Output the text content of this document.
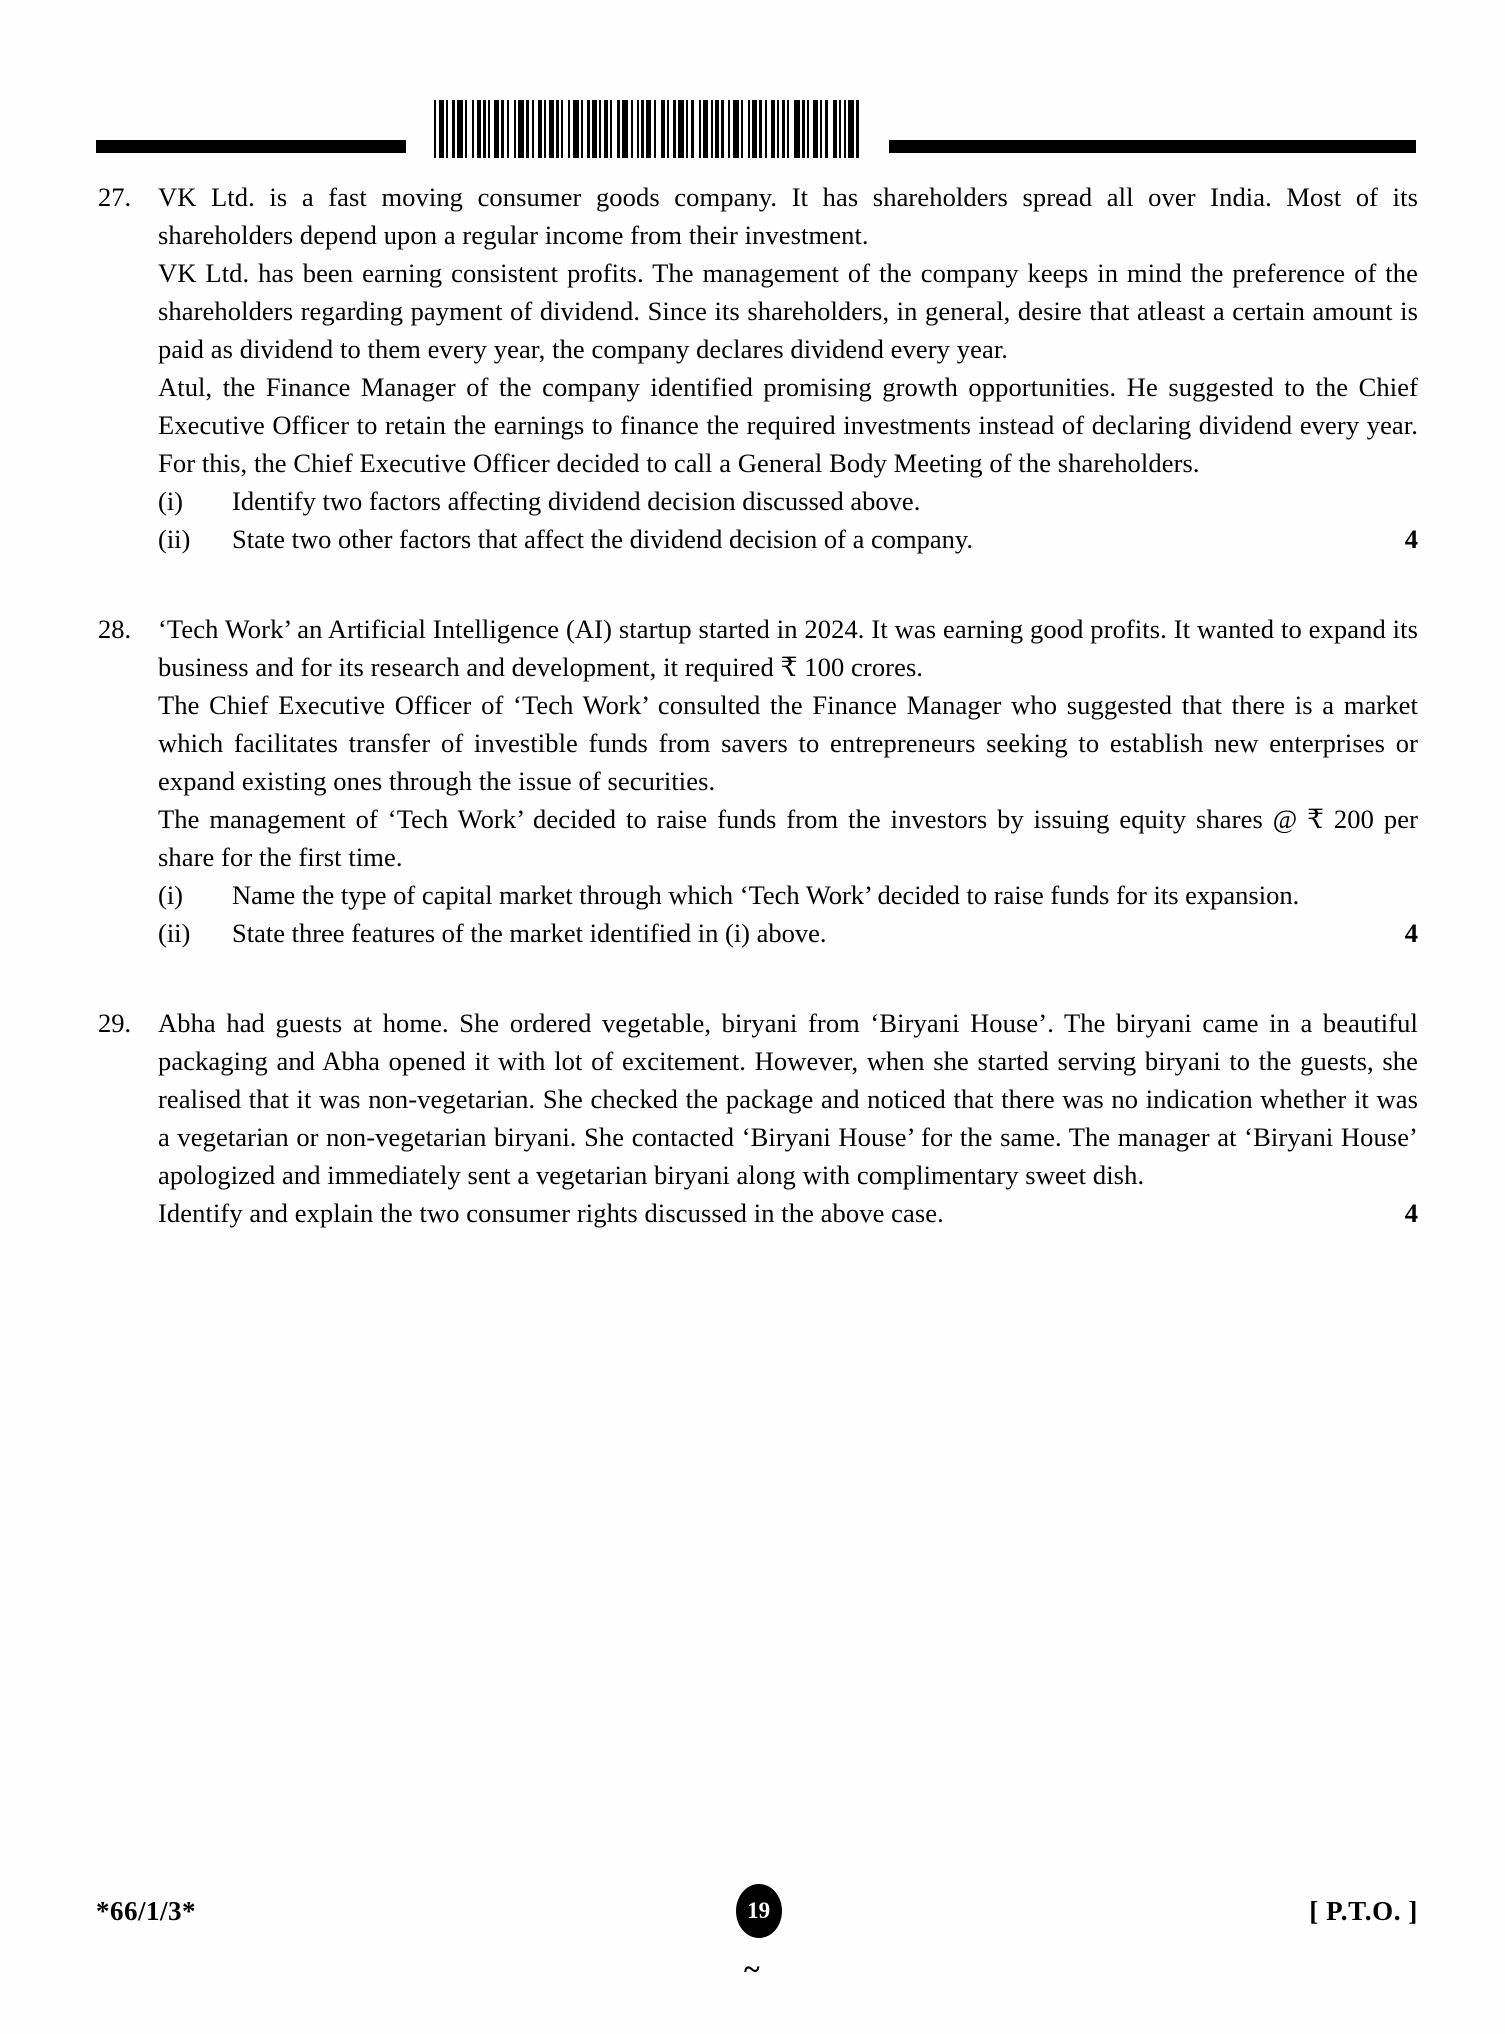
27.	VK Ltd. is a fast moving consumer goods company. It has shareholders spread all over India. Most of its shareholders depend upon a regular income from their investment.

VK Ltd. has been earning consistent profits. The management of the company keeps in mind the preference of the shareholders regarding payment of dividend. Since its shareholders, in general, desire that atleast a certain amount is paid as dividend to them every year, the company declares dividend every year.

Atul, the Finance Manager of the company identified promising growth opportunities. He suggested to the Chief Executive Officer to retain the earnings to finance the required investments instead of declaring dividend every year. For this, the Chief Executive Officer decided to call a General Body Meeting of the shareholders.

(i)	Identify two factors affecting dividend decision discussed above.
(ii)	State two other factors that affect the dividend decision of a company.	4
28.	‘Tech Work’ an Artificial Intelligence (AI) startup started in 2024. It was earning good profits. It wanted to expand its business and for its research and development, it required ₹ 100 crores.

The Chief Executive Officer of ‘Tech Work’ consulted the Finance Manager who suggested that there is a market which facilitates transfer of investible funds from savers to entrepreneurs seeking to establish new enterprises or expand existing ones through the issue of securities.

The management of ‘Tech Work’ decided to raise funds from the investors by issuing equity shares @ ₹ 200 per share for the first time.

(i)	Name the type of capital market through which ‘Tech Work’ decided to raise funds for its expansion.
(ii)	State three features of the market identified in (i) above.	4
29.	Abha had guests at home. She ordered vegetable, biryani from ‘Biryani House’. The biryani came in a beautiful packaging and Abha opened it with lot of excitement. However, when she started serving biryani to the guests, she realised that it was non-vegetarian. She checked the package and noticed that there was no indication whether it was a vegetarian or non-vegetarian biryani. She contacted ‘Biryani House’ for the same. The manager at ‘Biryani House’ apologized and immediately sent a vegetarian biryani along with complimentary sweet dish.

Identify and explain the two consumer rights discussed in the above case.	4
*66/1/3*	19	[ P.T.O. ]
~
